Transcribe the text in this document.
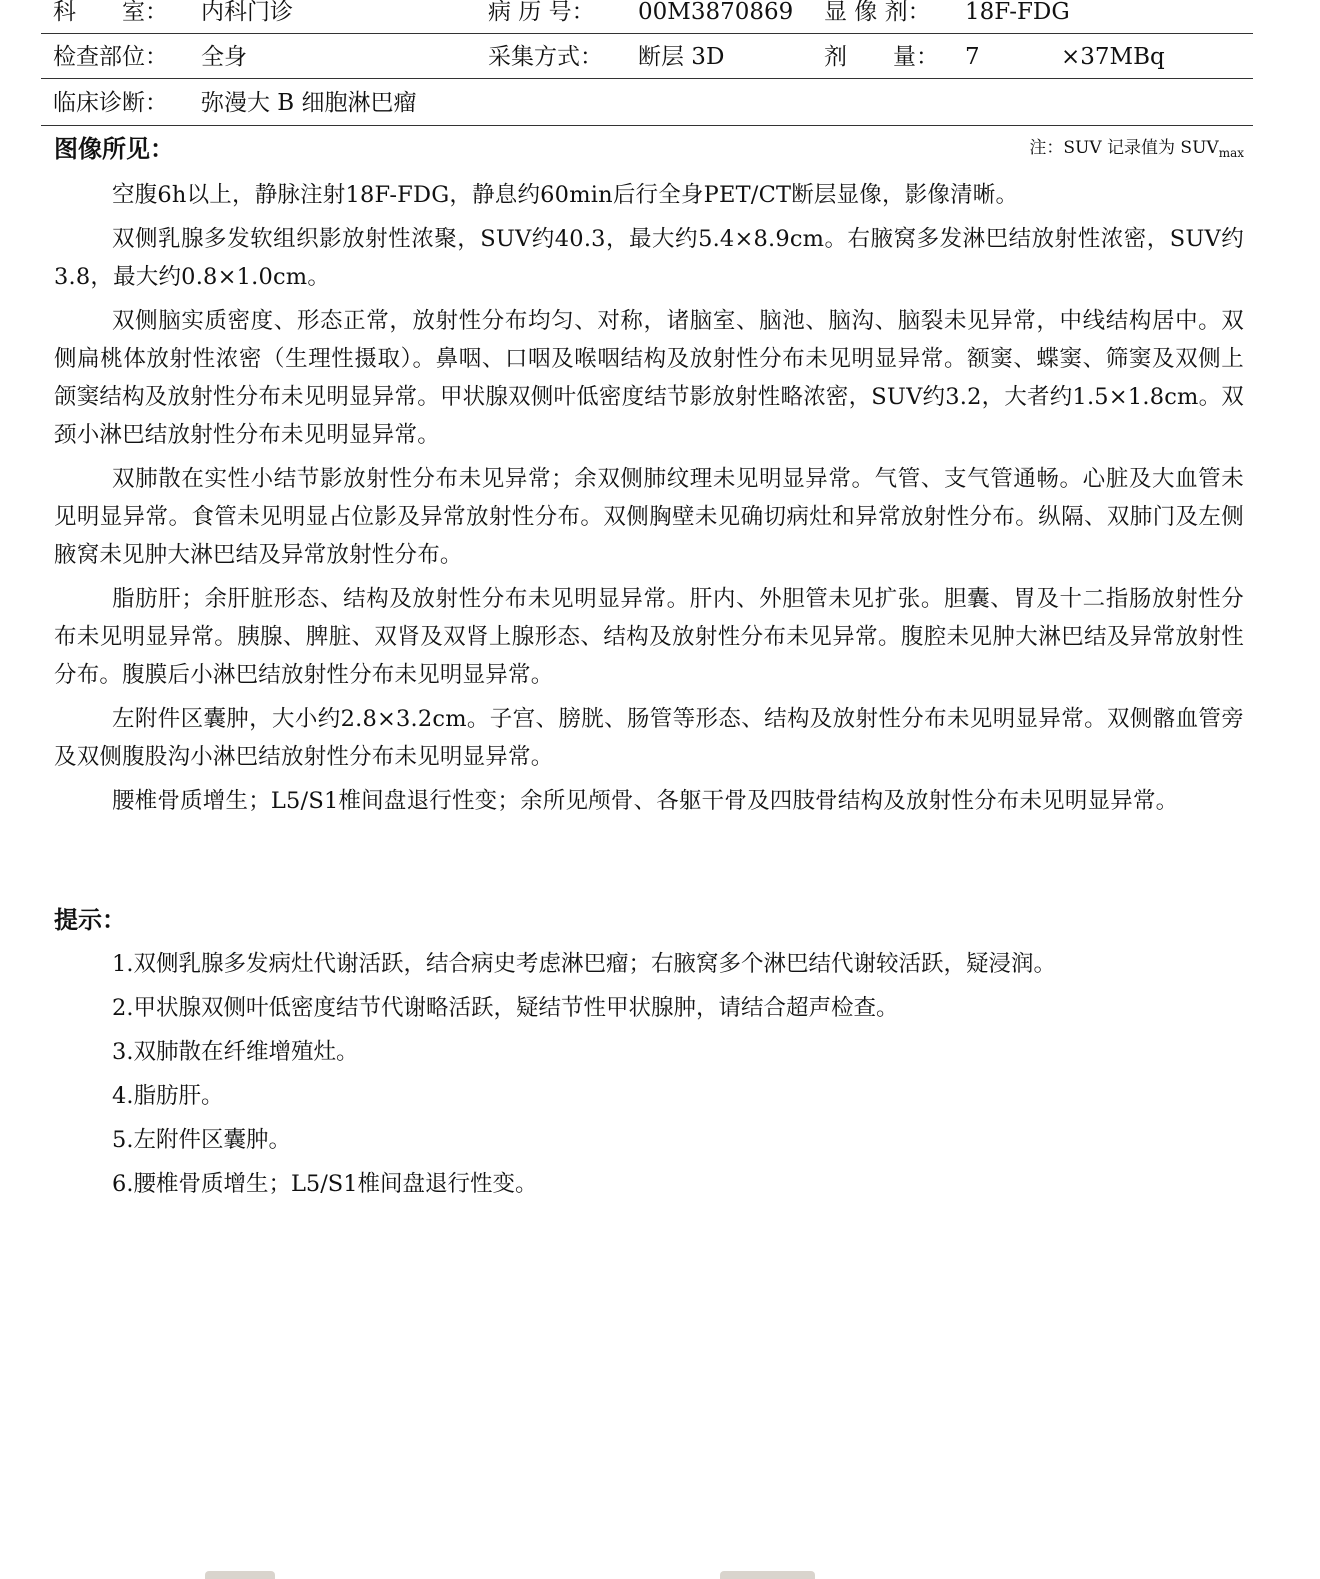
科　　室： 内科门诊	病 历 号： 00M3870869 显 像 剂： 18F-FDG
检查部位： 全身	采集方式： 断层 3D	剂　　量： 7	×37MBq
临床诊断： 弥漫大 B 细胞淋巴瘤
图像所见：	注：SUV 记录值为 $SUV_{max}$

空腹6h以上，静脉注射18F-FDG，静息约60min后行全身PET/CT断层显像，影像清晰。

双侧乳腺多发软组织影放射性浓聚，SUV约40.3，最大约5.4×8.9cm。右腋窝多发淋巴结放射性浓密，SUV约3.8，最大约0.8×1.0cm。

双侧脑实质密度、形态正常，放射性分布均匀、对称，诸脑室、脑池、脑沟、脑裂未见异常，中线结构居中。双侧扁桃体放射性浓密（生理性摄取）。鼻咽、口咽及喉咽结构及放射性分布未见明显异常。额窦、蝶窦、筛窦及双侧上颌窦结构及放射性分布未见明显异常。甲状腺双侧叶低密度结节影放射性略浓密，SUV约3.2，大者约1.5×1.8cm。双颈小淋巴结放射性分布未见明显异常。

双肺散在实性小结节影放射性分布未见异常；余双侧肺纹理未见明显异常。气管、支气管通畅。心脏及大血管未见明显异常。食管未见明显占位影及异常放射性分布。双侧胸壁未见确切病灶和异常放射性分布。纵隔、双肺门及左侧腋窝未见肿大淋巴结及异常放射性分布。

脂肪肝；余肝脏形态、结构及放射性分布未见明显异常。肝内、外胆管未见扩张。胆囊、胃及十二指肠放射性分布未见明显异常。胰腺、脾脏、双肾及双肾上腺形态、结构及放射性分布未见异常。腹腔未见肿大淋巴结及异常放射性分布。腹膜后小淋巴结放射性分布未见明显异常。

左附件区囊肿，大小约2.8×3.2cm。子宫、膀胱、肠管等形态、结构及放射性分布未见明显异常。双侧髂血管旁及双侧腹股沟小淋巴结放射性分布未见明显异常。

腰椎骨质增生；L5/S1椎间盘退行性变；余所见颅骨、各躯干骨及四肢骨结构及放射性分布未见明显异常。

提示：
1.双侧乳腺多发病灶代谢活跃，结合病史考虑淋巴瘤；右腋窝多个淋巴结代谢较活跃，疑浸润。
2.甲状腺双侧叶低密度结节代谢略活跃，疑结节性甲状腺肿，请结合超声检查。
3.双肺散在纤维增殖灶。
4.脂肪肝。
5.左附件区囊肿。
6.腰椎骨质增生；L5/S1椎间盘退行性变。
